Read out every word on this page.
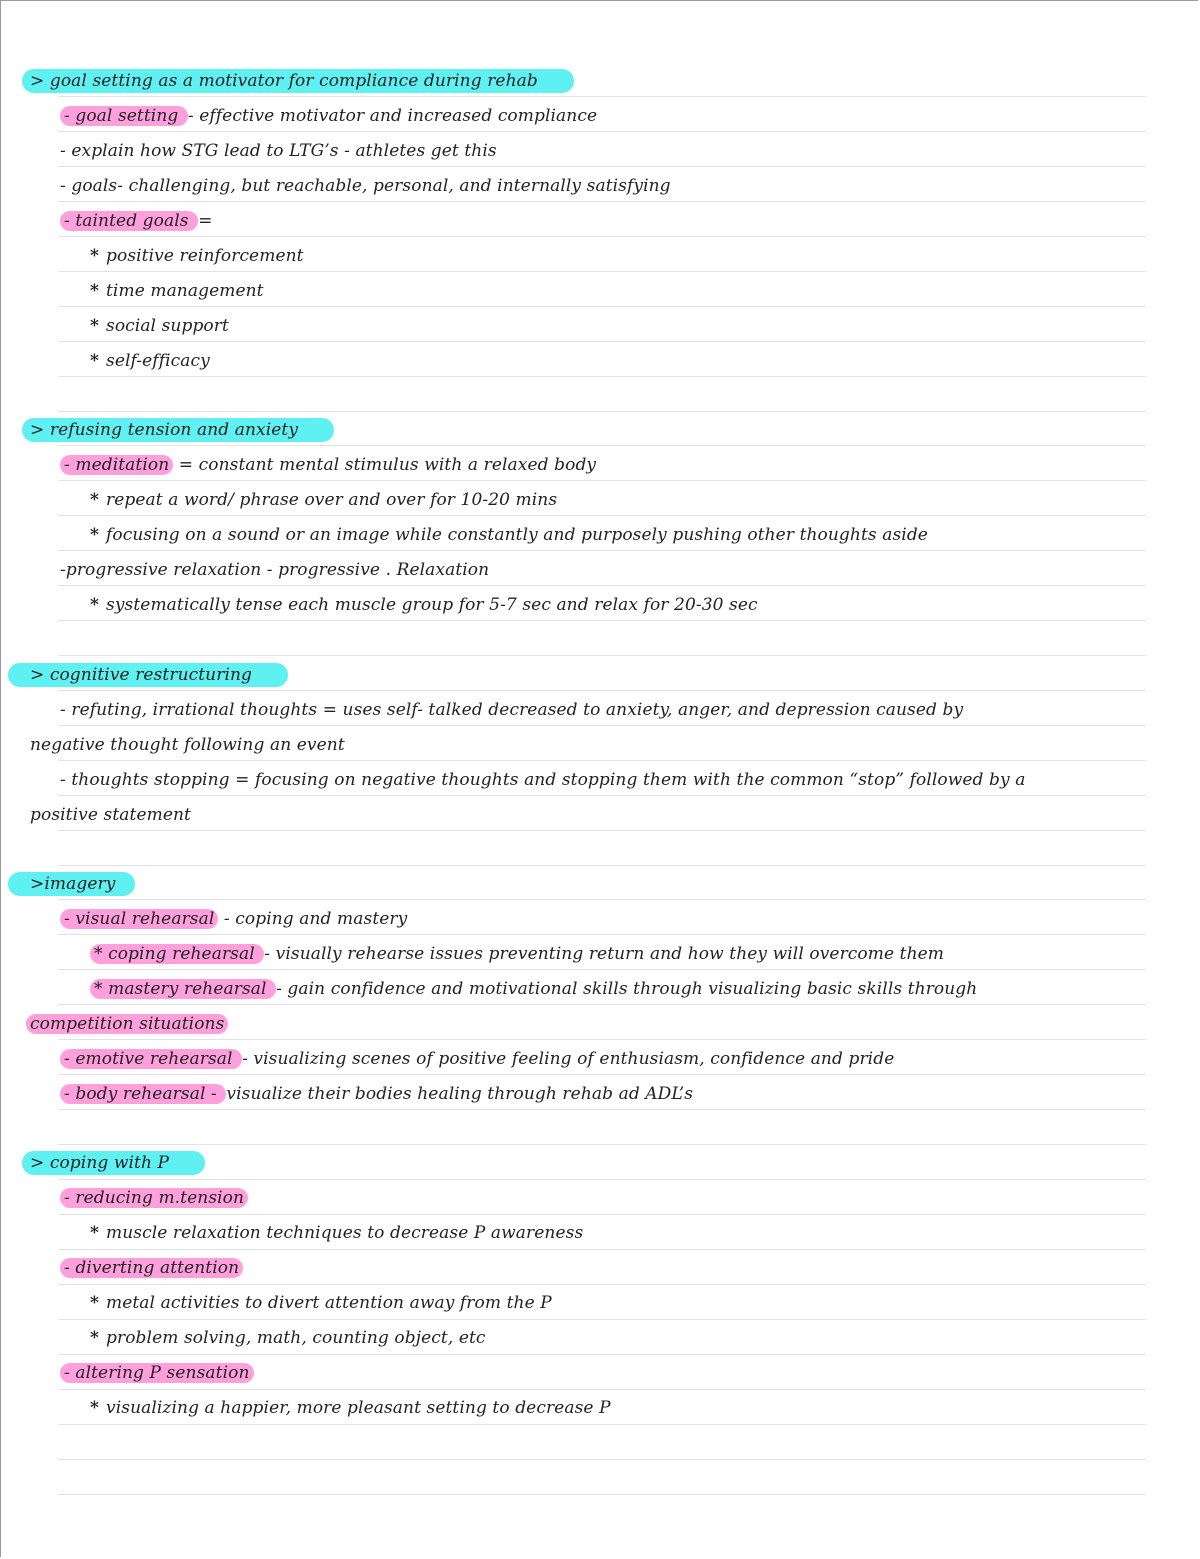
> goal setting as a motivator for compliance during rehab
- goal setting - effective motivator and increased compliance
- explain how STG lead to LTG’s - athletes get this
- goals- challenging, but reachable, personal, and internally satisfying
- tainted goals =
* positive reinforcement
* time management
* social support
* self-efficacy
> refusing tension and anxiety
- meditation = constant mental stimulus with a relaxed body
* repeat a word/ phrase over and over for 10-20 mins
* focusing on a sound or an image while constantly and purposely pushing other thoughts aside
-progressive relaxation - progressive . Relaxation
* systematically tense each muscle group for 5-7 sec and relax for 20-30 sec
> cognitive restructuring
- refuting, irrational thoughts = uses self- talked decreased to anxiety, anger, and depression caused by
negative thought following an event
- thoughts stopping = focusing on negative thoughts and stopping them with the common “stop” followed by a
positive statement
>imagery
- visual rehearsal - coping and mastery
* coping rehearsal - visually rehearse issues preventing return and how they will overcome them
* mastery rehearsal - gain confidence and motivational skills through visualizing basic skills through
competition situations
- emotive rehearsal - visualizing scenes of positive feeling of enthusiasm, confidence and pride
- body rehearsal - visualize their bodies healing through rehab ad ADL’s
> coping with P
- reducing m.tension
* muscle relaxation techniques to decrease P awareness
- diverting attention
* metal activities to divert attention away from the P
* problem solving, math, counting object, etc
- altering P sensation
* visualizing a happier, more pleasant setting to decrease P
